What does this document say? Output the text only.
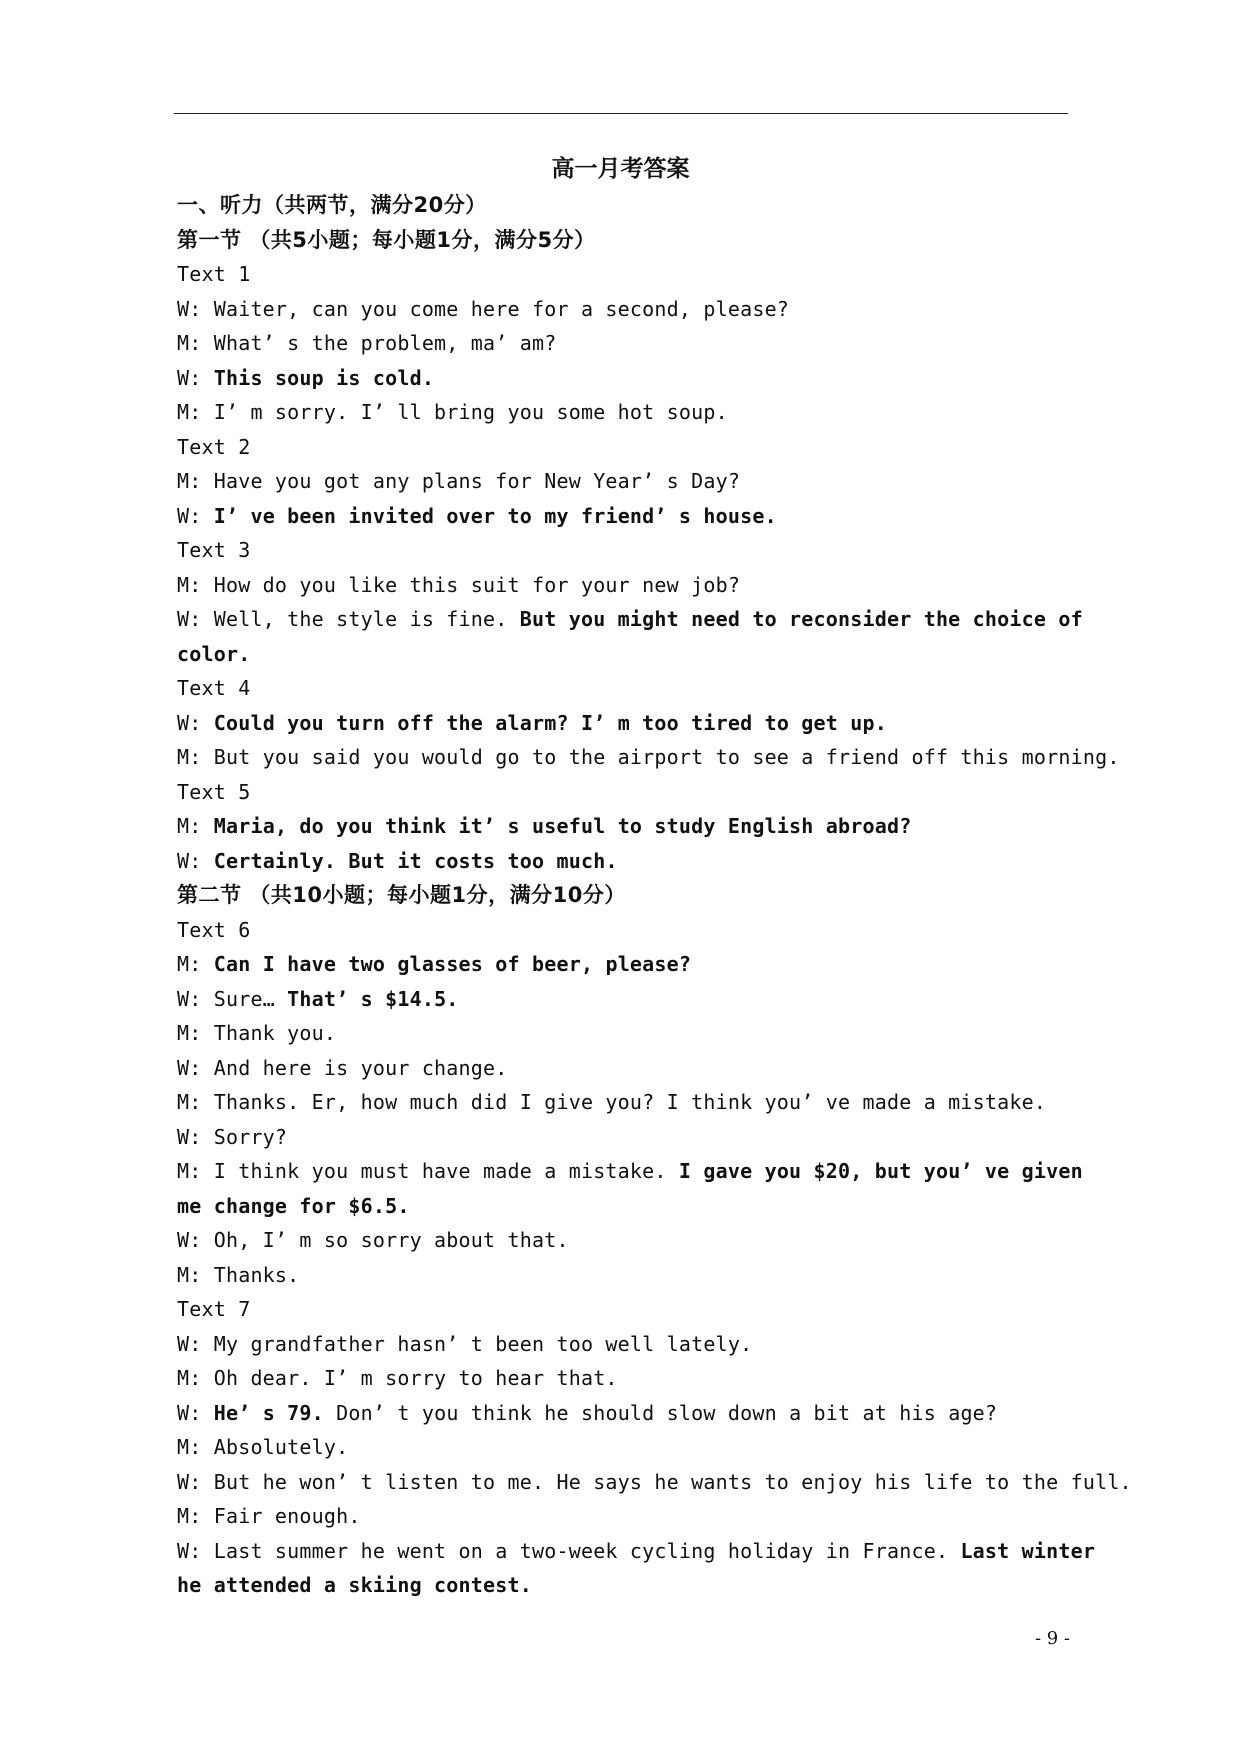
高一月考答案
一、听力（共两节，满分20分）
第一节 （共5小题；每小题1分，满分5分）
Text 1
W: Waiter, can you come here for a second, please?
M: What’ s the problem, ma’ am?
W: This soup is cold.
M: I’ m sorry. I’ ll bring you some hot soup.
Text 2
M: Have you got any plans for New Year’ s Day?
W: I’ ve been invited over to my friend’ s house.
Text 3
M: How do you like this suit for your new job?
W: Well, the style is fine. But you might need to reconsider the choice of
color.
Text 4
W: Could you turn off the alarm? I’ m too tired to get up.
M: But you said you would go to the airport to see a friend off this morning.
Text 5
M: Maria, do you think it’ s useful to study English abroad?
W: Certainly. But it costs too much.
第二节 （共10小题；每小题1分，满分10分）
Text 6
M: Can I have two glasses of beer, please?
W: Sure… That’ s $14.5.
M: Thank you.
W: And here is your change.
M: Thanks. Er, how much did I give you? I think you’ ve made a mistake.
W: Sorry?
M: I think you must have made a mistake. I gave you $20, but you’ ve given
me change for $6.5.
W: Oh, I’ m so sorry about that.
M: Thanks.
Text 7
W: My grandfather hasn’ t been too well lately.
M: Oh dear. I’ m sorry to hear that.
W: He’ s 79. Don’ t you think he should slow down a bit at his age?
M: Absolutely.
W: But he won’ t listen to me. He says he wants to enjoy his life to the full.
M: Fair enough.
W: Last summer he went on a two-week cycling holiday in France. Last winter
he attended a skiing contest.
- 9 -
